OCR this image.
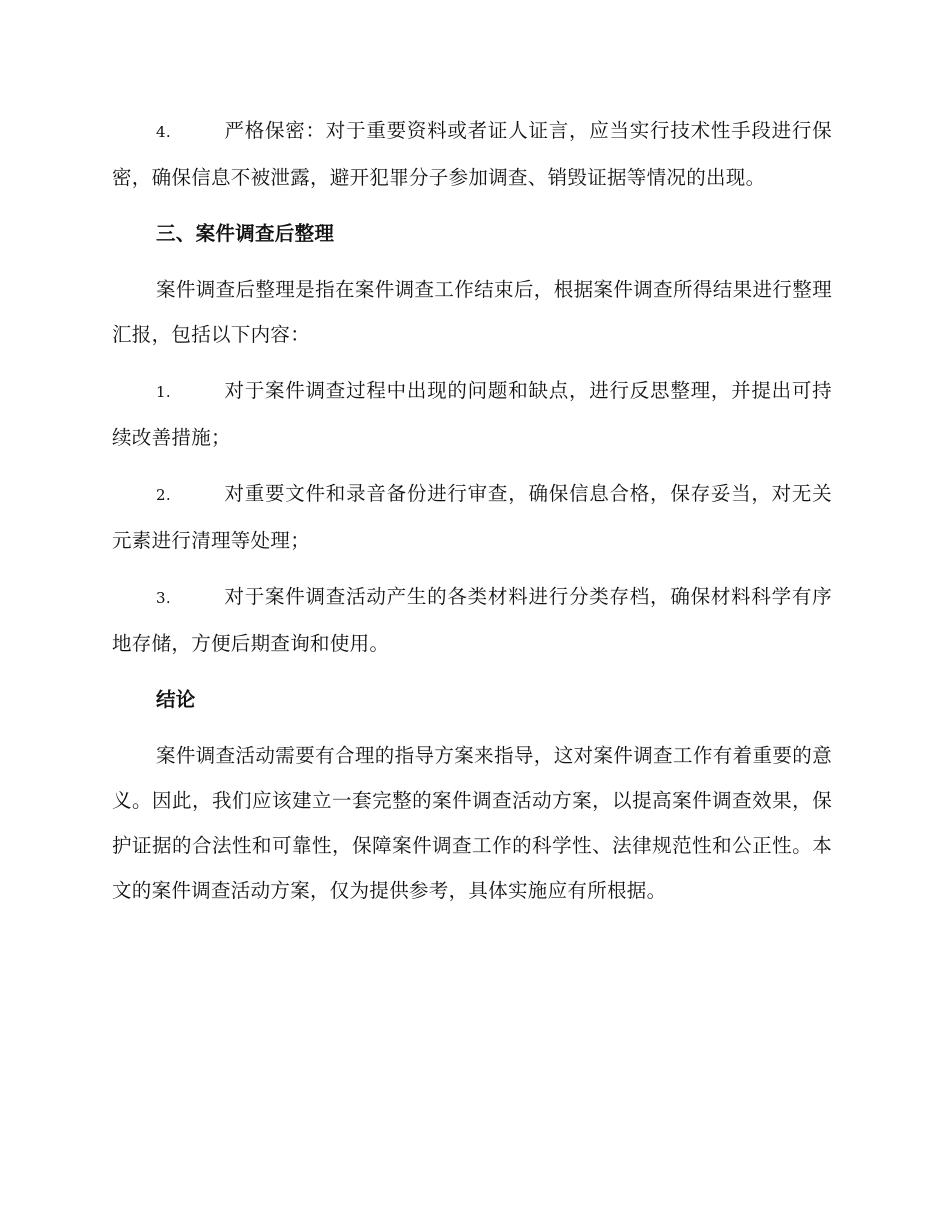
4.	严格保密：对于重要资料或者证人证言，应当实行技术性手段进行保密，确保信息不被泄露，避开犯罪分子参加调查、销毁证据等情况的出现。

三、案件调查后整理

案件调查后整理是指在案件调查工作结束后，根据案件调查所得结果进行整理汇报，包括以下内容：

1.	对于案件调查过程中出现的问题和缺点，进行反思整理，并提出可持续改善措施；

2.	对重要文件和录音备份进行审查，确保信息合格，保存妥当，对无关元素进行清理等处理；

3.	对于案件调查活动产生的各类材料进行分类存档，确保材料科学有序地存储，方便后期查询和使用。

结论

案件调查活动需要有合理的指导方案来指导，这对案件调查工作有着重要的意义。因此，我们应该建立一套完整的案件调查活动方案，以提高案件调查效果，保护证据的合法性和可靠性，保障案件调查工作的科学性、法律规范性和公正性。本文的案件调查活动方案，仅为提供参考，具体实施应有所根据。
